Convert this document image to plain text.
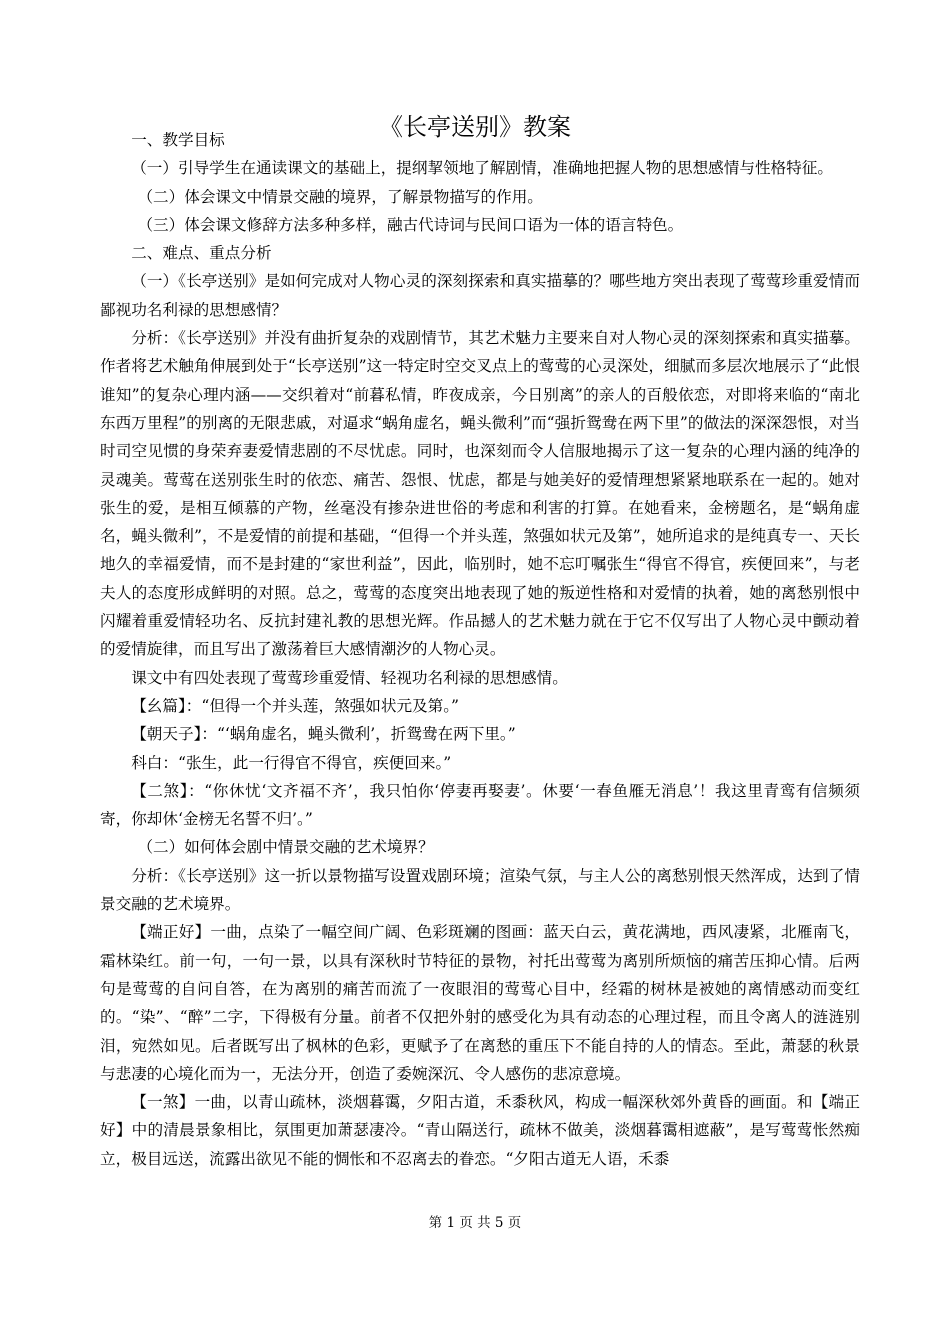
《长亭送别》教案

一、教学目标

（一）引导学生在通读课文的基础上，提纲挈领地了解剧情，准确地把握人物的思想感情与性格特征。

（二）体会课文中情景交融的境界，了解景物描写的作用。

（三）体会课文修辞方法多种多样，融古代诗词与民间口语为一体的语言特色。

二、难点、重点分析

（一）《长亭送别》是如何完成对人物心灵的深刻探索和真实描摹的？哪些地方突出表现了莺莺珍重爱情而鄙视功名利禄的思想感情？

分析：《长亭送别》并没有曲折复杂的戏剧情节，其艺术魅力主要来自对人物心灵的深刻探索和真实描摹。作者将艺术触角伸展到处于“长亭送别”这一特定时空交叉点上的莺莺的心灵深处，细腻而多层次地展示了“此恨谁知”的复杂心理内涵——交织着对“前暮私情，昨夜成亲，今日别离”的亲人的百般依恋，对即将来临的“南北东西万里程”的别离的无限悲戚，对逼求“蜗角虚名，蝇头微利”而“强折鸳鸯在两下里”的做法的深深怨恨，对当时司空见惯的身荣弃妻爱情悲剧的不尽忧虑。同时，也深刻而令人信服地揭示了这一复杂的心理内涵的纯净的灵魂美。莺莺在送别张生时的依恋、痛苦、怨恨、忧虑，都是与她美好的爱情理想紧紧地联系在一起的。她对张生的爱，是相互倾慕的产物，丝毫没有掺杂进世俗的考虑和利害的打算。在她看来，金榜题名，是“蜗角虚名，蝇头微利”，不是爱情的前提和基础，“但得一个并头莲，煞强如状元及第”，她所追求的是纯真专一、天长地久的幸福爱情，而不是封建的“家世利益”，因此，临别时，她不忘叮嘱张生“得官不得官，疾便回来”，与老夫人的态度形成鲜明的对照。总之，莺莺的态度突出地表现了她的叛逆性格和对爱情的执着，她的离愁别恨中闪耀着重爱情轻功名、反抗封建礼教的思想光辉。作品撼人的艺术魅力就在于它不仅写出了人物心灵中颤动着的爱情旋律，而且写出了激荡着巨大感情潮汐的人物心灵。

课文中有四处表现了莺莺珍重爱情、轻视功名利禄的思想感情。

【幺篇】：“但得一个并头莲，煞强如状元及第。”

【朝天子】：“‘蜗角虚名，蝇头微利’，折鸳鸯在两下里。”

科白：“张生，此一行得官不得官，疾便回来。”

【二煞】：“你休忧‘文齐福不齐’，我只怕你‘停妻再娶妻’。休要‘一春鱼雁无消息’！我这里青鸾有信频须寄，你却休‘金榜无名誓不归’。”

（二）如何体会剧中情景交融的艺术境界？

分析：《长亭送别》这一折以景物描写设置戏剧环境；渲染气氛，与主人公的离愁别恨天然浑成，达到了情景交融的艺术境界。

【端正好】一曲，点染了一幅空间广阔、色彩斑斓的图画：蓝天白云，黄花满地，西风凄紧，北雁南飞，霜林染红。前一句，一句一景，以具有深秋时节特征的景物，衬托出莺莺为离别所烦恼的痛苦压抑心情。后两句是莺莺的自问自答，在为离别的痛苦而流了一夜眼泪的莺莺心目中，经霜的树林是被她的离情感动而变红的。“染”、“醉”二字，下得极有分量。前者不仅把外射的感受化为具有动态的心理过程，而且令离人的涟涟别泪，宛然如见。后者既写出了枫林的色彩，更赋予了在离愁的重压下不能自持的人的情态。至此，萧瑟的秋景与悲凄的心境化而为一，无法分开，创造了委婉深沉、令人感伤的悲凉意境。

【一煞】一曲，以青山疏林，淡烟暮霭，夕阳古道，禾黍秋风，构成一幅深秋郊外黄昏的画面。和【端正好】中的清晨景象相比，氛围更加萧瑟凄冷。“青山隔送行，疏林不做美，淡烟暮霭相遮蔽”，是写莺莺怅然痴立，极目远送，流露出欲见不能的惆怅和不忍离去的眷恋。“夕阳古道无人语，禾黍

第 1 页 共 5 页
